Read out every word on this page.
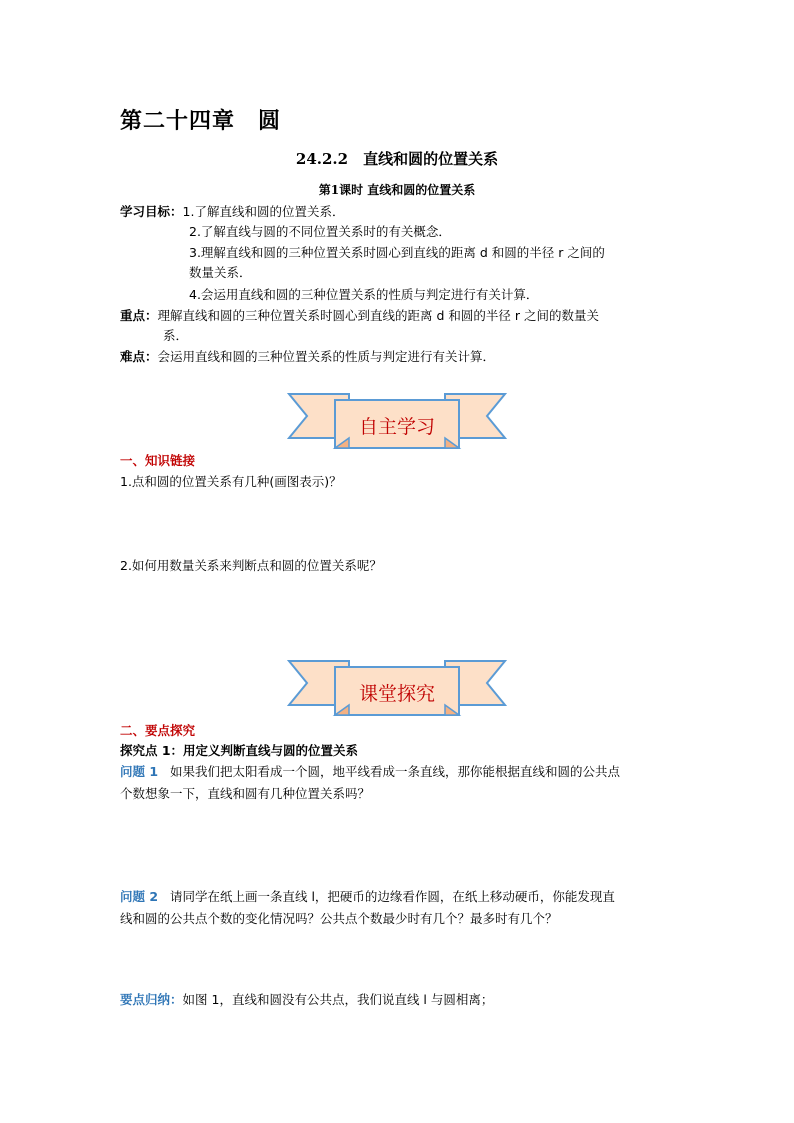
第二十四章　圆
24.2.2　直线和圆的位置关系
第1课时 直线和圆的位置关系
学习目标：1.了解直线和圆的位置关系．
2.了解直线与圆的不同位置关系时的有关概念．
3.理解直线和圆的三种位置关系时圆心到直线的距离 d 和圆的半径 r 之间的
数量关系．
4.会运用直线和圆的三种位置关系的性质与判定进行有关计算．
重点：理解直线和圆的三种位置关系时圆心到直线的距离 d 和圆的半径 r 之间的数量关
系．
难点：会运用直线和圆的三种位置关系的性质与判定进行有关计算．
自主学习
一、知识链接
1.点和圆的位置关系有几种(画图表示)？
2.如何用数量关系来判断点和圆的位置关系呢？
课堂探究
二、要点探究
探究点 1：用定义判断直线与圆的位置关系
问题 1 如果我们把太阳看成一个圆，地平线看成一条直线，那你能根据直线和圆的公共点
个数想象一下，直线和圆有几种位置关系吗？
问题 2 请同学在纸上画一条直线 l，把硬币的边缘看作圆，在纸上移动硬币，你能发现直
线和圆的公共点个数的变化情况吗？公共点个数最少时有几个？最多时有几个？
要点归纳：如图 1，直线和圆没有公共点，我们说直线 l 与圆相离；
